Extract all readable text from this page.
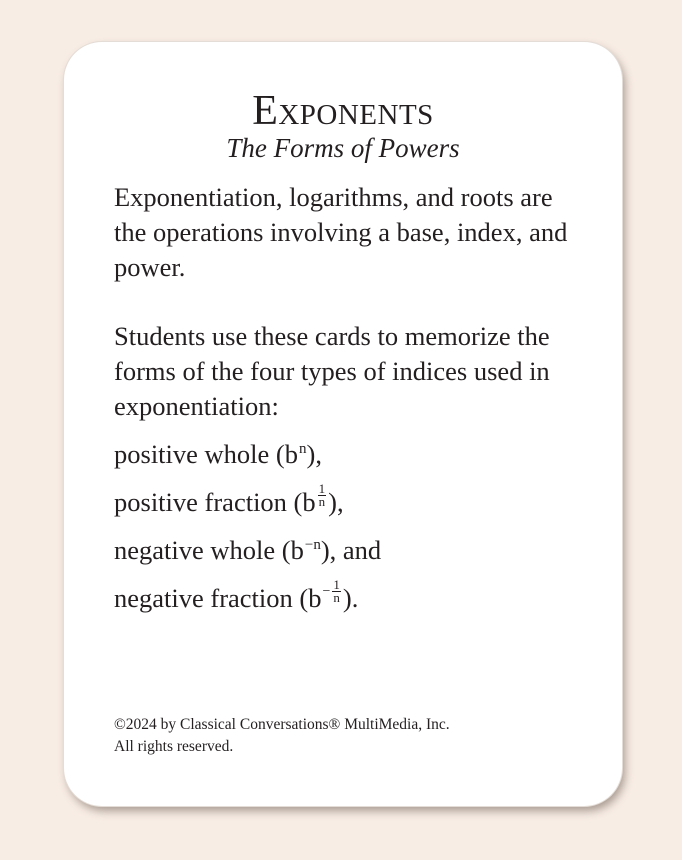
Exponents

The Forms of Powers

Exponentiation, logarithms, and roots are the operations involving a base, index, and power.

Students use these cards to memorize the forms of the four types of indices used in exponentiation:

positive whole $(b^n)$,

positive fraction ($b \frac{1}{n}$ ),

negative whole $(b^{-n})$, and

negative fraction ($b- \frac{1}{n}$ ).

©2024 by Classical Conversations® MultiMedia, Inc.

All rights reserved.
